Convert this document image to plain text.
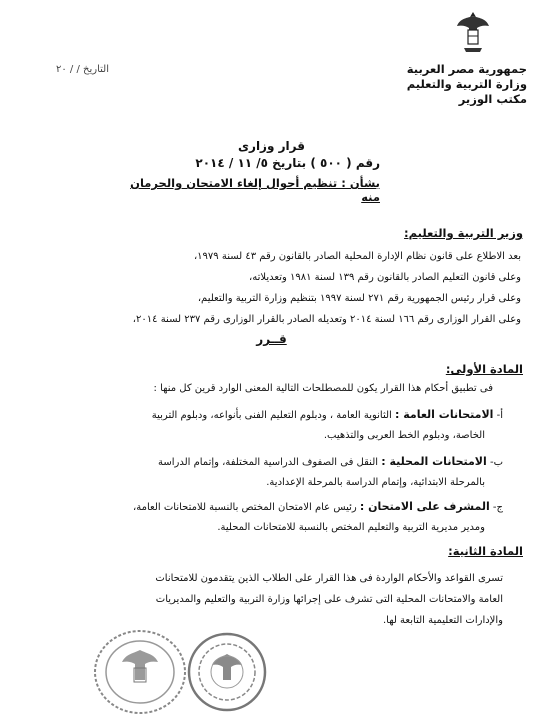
جمهورية مصر العربية
وزارة التربية والتعليم
مكتب الوزير
التاريخ / / ٢٠
قرار وزارى
رقم ( ٥٠٠ ) بتاريخ ٥/ ١١ / ٢٠١٤
بشأن : تنظيم أحوال إلغاء الامتحان والحرمان منه
وزير التربية والتعليم:
بعد الاطلاع على قانون نظام الإدارة المحلية الصادر بالقانون رقم ٤٣ لسنة ١٩٧٩،
وعلى قانون التعليم الصادر بالقانون رقم ١٣٩ لسنة ١٩٨١ وتعديلاته،
وعلى قرار رئيس الجمهورية رقم ٢٧١ لسنة ١٩٩٧ بتنظيم وزارة التربية والتعليم،
وعلى القرار الوزارى رقم ١٦٦ لسنة ٢٠١٤ وتعديله الصادر بالقرار الوزارى رقم ٢٣٧ لسنة ٢٠١٤،
قــرر
المادة الأولى:
فى تطبيق أحكام هذا القرار يكون للمصطلحات التالية المعنى الوارد قرين كل منها :
أ- الامتحانات العامة : الثانوية العامة ، ودبلوم التعليم الفنى بأنواعه، ودبلوم التربية
الخاصة، ودبلوم الخط العربى والتذهيب.
ب- الامتحانات المحلية : النقل فى الصفوف الدراسية المختلفة، وإتمام الدراسة
بالمرحلة الابتدائية، وإتمام الدراسة بالمرحلة الإعدادية.
ج- المشرف على الامتحان : رئيس عام الامتحان المختص بالنسبة للامتحانات العامة،
ومدير مديرية التربية والتعليم المختص بالنسبة للامتحانات المحلية.
المادة الثانية:
تسرى القواعد والأحكام الواردة فى هذا القرار على الطلاب الذين يتقدمون للامتحانات
العامة والامتحانات المحلية التى تشرف على إجرائها وزارة التربية والتعليم والمديريات
والإدارات التعليمية التابعة لها.
